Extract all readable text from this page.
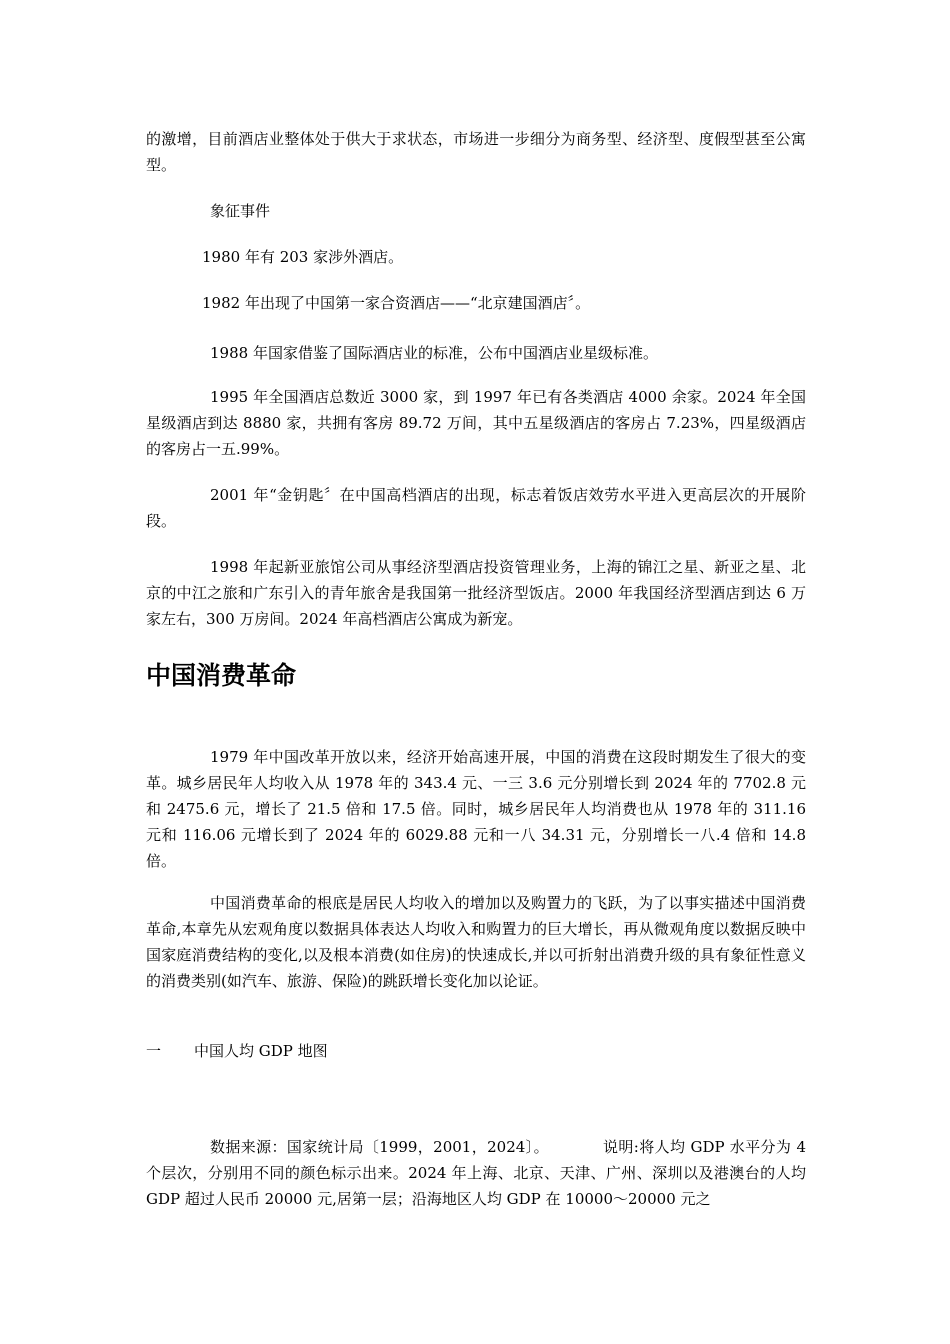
的激增，目前酒店业整体处于供大于求状态，市场进一步细分为商务型、经济型、度假型甚至公寓型。

象征事件

1980 年有 203 家涉外酒店。

1982 年出现了中国第一家合资酒店——“北京建国酒店〞。

1988 年国家借鉴了国际酒店业的标准，公布中国酒店业星级标准。

1995 年全国酒店总数近 3000 家，到 1997 年已有各类酒店 4000 余家。2024 年全国星级酒店到达 8880 家，共拥有客房 89.72 万间，其中五星级酒店的客房占 7.23%，四星级酒店的客房占一五.99%。

2001 年“金钥匙〞在中国高档酒店的出现，标志着饭店效劳水平进入更高层次的开展阶段。

1998 年起新亚旅馆公司从事经济型酒店投资管理业务，上海的锦江之星、新亚之星、北京的中江之旅和广东引入的青年旅舍是我国第一批经济型饭店。2000 年我国经济型酒店到达 6 万家左右，300 万房间。2024 年高档酒店公寓成为新宠。

中国消费革命

1979 年中国改革开放以来，经济开始高速开展，中国的消费在这段时期发生了很大的变革。城乡居民年人均收入从 1978 年的 343.4 元、一三 3.6 元分别增长到 2024 年的 7702.8 元和 2475.6 元，增长了 21.5 倍和 17.5 倍。同时，城乡居民年人均消费也从 1978 年的 311.16 元和 116.06 元增长到了 2024 年的 6029.88 元和一八 34.31 元，分别增长一八.4 倍和 14.8 倍。

中国消费革命的根底是居民人均收入的增加以及购置力的飞跃，为了以事实描述中国消费革命,本章先从宏观角度以数据具体表达人均收入和购置力的巨大增长，再从微观角度以数据反映中国家庭消费结构的变化,以及根本消费(如住房)的快速成长,并以可折射出消费升级的具有象征性意义的消费类别(如汽车、旅游、保险)的跳跃增长变化加以论证。

一 中国人均 GDP 地图

数据来源：国家统计局〔1999，2001，2024〕。　　　　说明:将人均 GDP 水平分为 4 个层次，分别用不同的颜色标示出来。2024 年上海、北京、天津、广州、深圳以及港澳台的人均 GDP 超过人民币 20000 元,居第一层；沿海地区人均 GDP 在 10000～20000 元之
